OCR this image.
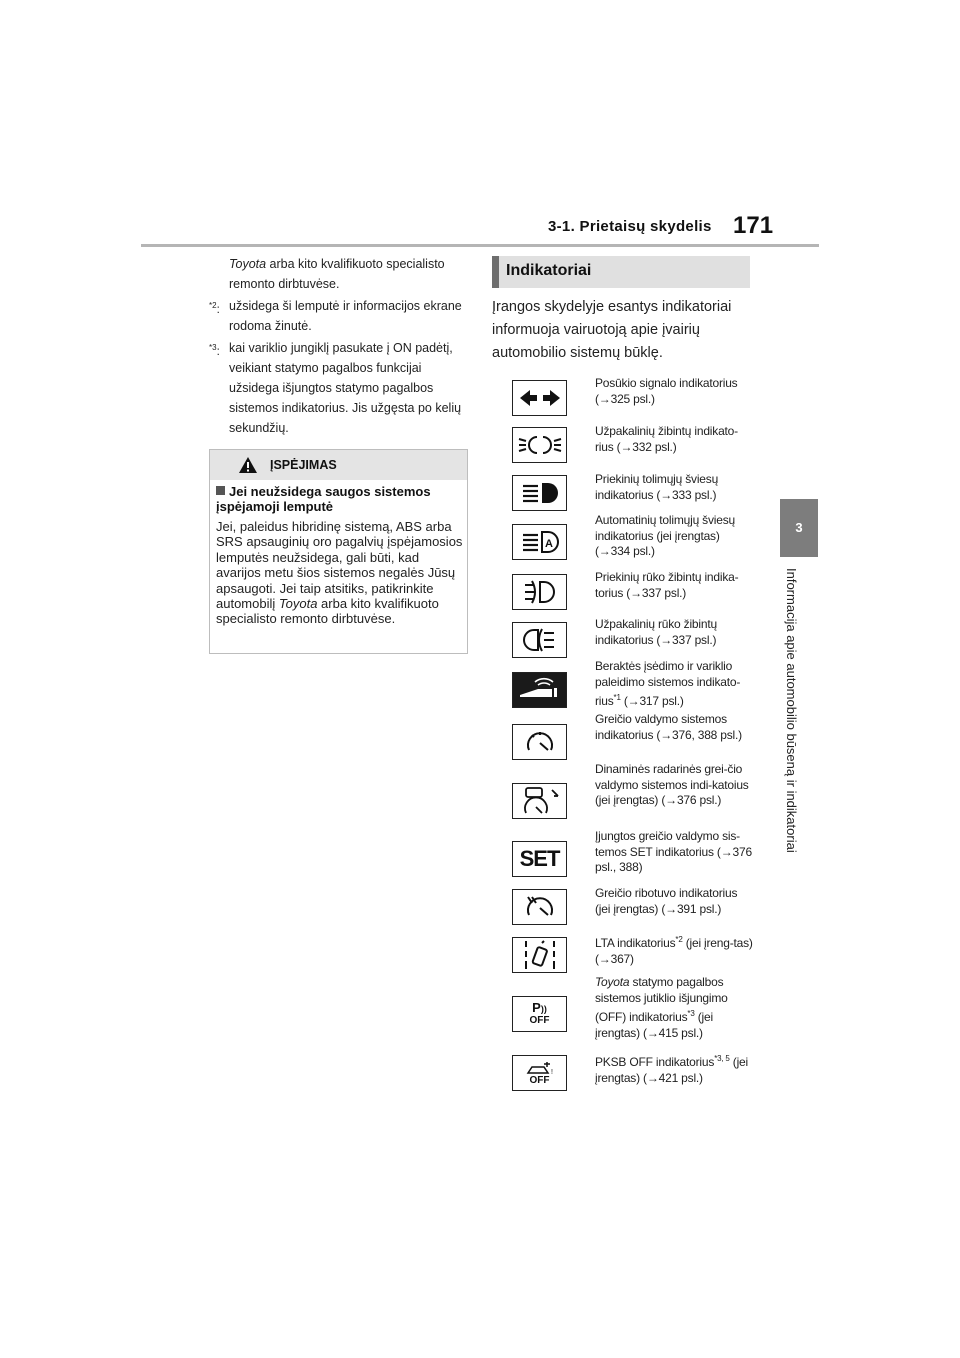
3-1. Prietaisų skydelis 171
3
Informacija apie automobilio būseną ir indikatoriai
Toyota arba kito kvalifikuoto specialisto
remonto dirbtuvėse.
$^{*2}$: užsidega ši lemputė ir informacijos ekrane rodoma žinutė.
$^{*3}$: kai variklio jungiklį pasukate į ON padėtį, veikiant statymo pagalbos funkcijai užsidega išjungtos statymo pagalbos sistemos indikatorius. Jis užgęsta po kelių sekundžių.
ĮSPĖJIMAS
Jei neužsidega saugos sistemos įspėjamoji lemputė
Jei, paleidus hibridinę sistemą, ABS arba SRS apsauginių oro pagalvių įspėjamosios lemputės neužsidega, gali būti, kad avarijos metu šios sistemos negalės Jūsų apsaugoti. Jei taip atsitiks, patikrinkite automobilį Toyota arba kito kvalifikuoto specialisto remonto dirbtuvėse.
Indikatoriai
Įrangos skydelyje esantys indikatoriai informuoja vairuotoją apie įvairių automobilio sistemų būklę.
A
SET
P))
OFF
!
OFF
Posūkio signalo indikatorius (→325 psl.)
Užpakalinių žibintų indikato-rius (→332 psl.)
Priekinių tolimųjų šviesų indikatorius (→333 psl.)
Automatinių tolimųjų šviesų indikatorius (jei įrengtas) (→334 psl.)
Priekinių rūko žibintų indika-torius (→337 psl.)
Užpakalinių rūko žibintų indikatorius (→337 psl.)
Beraktės įsėdimo ir variklio paleidimo sistemos indikato-rius$^{*1}$ (→317 psl.)
Greičio valdymo sistemos indikatorius (→376, 388 psl.)
Dinaminės radarinės grei-čio valdymo sistemos indi-katoius (jei įrengtas) (→376 psl.)
Įjungtos greičio valdymo sis-temos SET indikatorius (→376 psl., 388)
Greičio ribotuvo indikatorius (jei įrengtas) (→391 psl.)
LTA indikatorius$^{*2}$ (jei įreng-tas) (→367)
Toyota statymo pagalbos sistemos jutiklio išjungimo (OFF) indikatorius$^{*3}$ (jei įrengtas) (→415 psl.)
PKSB OFF indikatorius$^{*3, 5}$ (jei įrengtas) (→421 psl.)
